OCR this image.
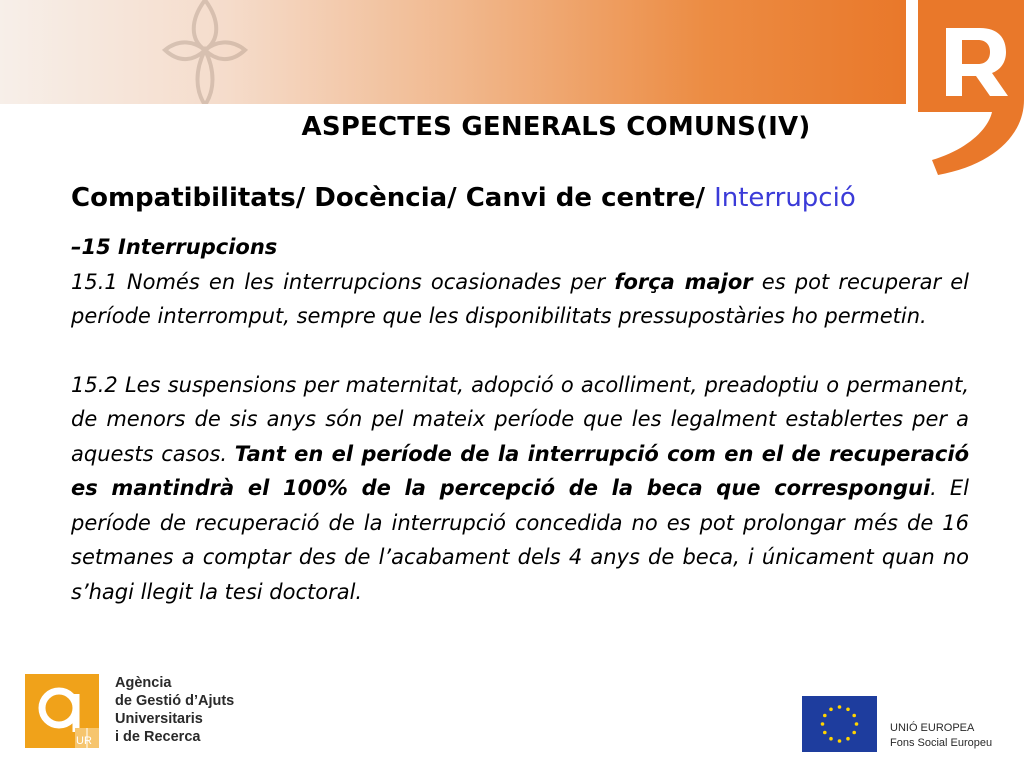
ASPECTES GENERALS COMUNS(IV)
Compatibilitats/ Docència/ Canvi de centre/ Interrupció

–15 Interrupcions

15.1 Només en les interrupcions ocasionades per força major es pot recuperar el període interromput, sempre que les disponibilitats pressupostàries ho permetin.

15.2 Les suspensions per maternitat, adopció o acolliment, preadoptiu o permanent, de menors de sis anys són pel mateix període que les legalment establertes per a aquests casos. Tant en el període de la interrupció com en el de recuperació es mantindrà el 100% de la percepció de la beca que correspongui. El període de recuperació de la interrupció concedida no es pot prolongar més de 16 setmanes a comptar des de l’acabament dels 4 anys de beca, i únicament quan no s’hagi llegit la tesi doctoral.

UR
Agència
de Gestió d’Ajuts
Universitaris
i de Recerca
UNIÓ EUROPEA
Fons Social Europeu
